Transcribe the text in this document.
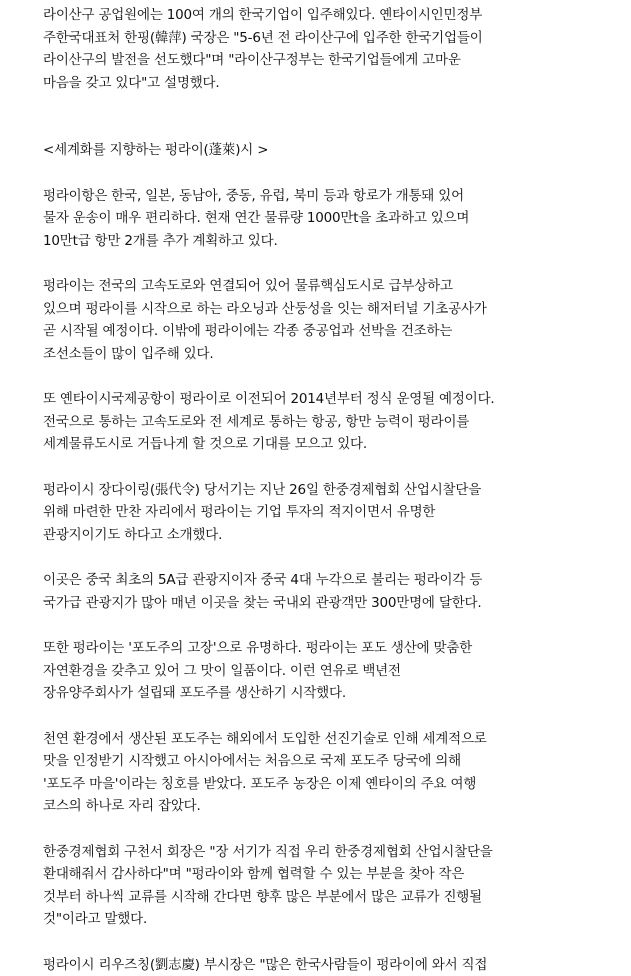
라이산구 공업원에는 100여 개의 한국기업이 입주해있다. 옌타이시인민정부
주한국대표처 한핑(韓萍) 국장은 "5-6년 전 라이산구에 입주한 한국기업들이
라이산구의 발전을 선도했다"며 "라이산구정부는 한국기업들에게 고마운
마음을 갖고 있다"고 설명했다.

<세계화를 지향하는 펑라이(蓬萊)시 >

펑라이항은 한국, 일본, 동남아, 중동, 유럽, 북미 등과 항로가 개통돼 있어
물자 운송이 매우 편리하다. 현재 연간 물류량 1000만t을 초과하고 있으며
10만t급 항만 2개를 추가 계획하고 있다.

펑라이는 전국의 고속도로와 연결되어 있어 물류핵심도시로 급부상하고
있으며 펑라이를 시작으로 하는 라오닝과 산둥성을 잇는 해저터널 기초공사가
곧 시작될 예정이다. 이밖에 펑라이에는 각종 중공업과 선박을 건조하는
조선소들이 많이 입주해 있다.

또 옌타이시국제공항이 펑라이로 이전되어 2014년부터 정식 운영될 예정이다.
전국으로 통하는 고속도로와 전 세계로 통하는 항공, 항만 능력이 펑라이를
세계물류도시로 거듭나게 할 것으로 기대를 모으고 있다.

펑라이시 장다이링(張代令) 당서기는 지난 26일 한중경제협회 산업시찰단을
위해 마련한 만찬 자리에서 펑라이는 기업 투자의 적지이면서 유명한
관광지이기도 하다고 소개했다.

이곳은 중국 최초의 5A급 관광지이자 중국 4대 누각으로 불리는 펑라이각 등
국가급 관광지가 많아 매년 이곳을 찾는 국내외 관광객만 300만명에 달한다.

또한 펑라이는 '포도주의 고장'으로 유명하다. 펑라이는 포도 생산에 맞춤한
자연환경을 갖추고 있어 그 맛이 일품이다. 이런 연유로 백년전
장유양주회사가 설립돼 포도주를 생산하기 시작했다.

천연 환경에서 생산된 포도주는 해외에서 도입한 선진기술로 인해 세계적으로
맛을 인정받기 시작했고 아시아에서는 처음으로 국제 포도주 당국에 의해
'포도주 마을'이라는 칭호를 받았다. 포도주 농장은 이제 옌타이의 주요 여행
코스의 하나로 자리 잡았다.

한중경제협회 구천서 회장은 "장 서기가 직접 우리 한중경제협회 산업시찰단을
환대해줘서 감사하다"며 "펑라이와 함께 협력할 수 있는 부분을 찾아 작은
것부터 하나씩 교류를 시작해 간다면 향후 많은 부분에서 많은 교류가 진행될
것"이라고 말했다.

펑라이시 리우즈칭(劉志慶) 부시장은 "많은 한국사람들이 펑라이에 와서 직접
